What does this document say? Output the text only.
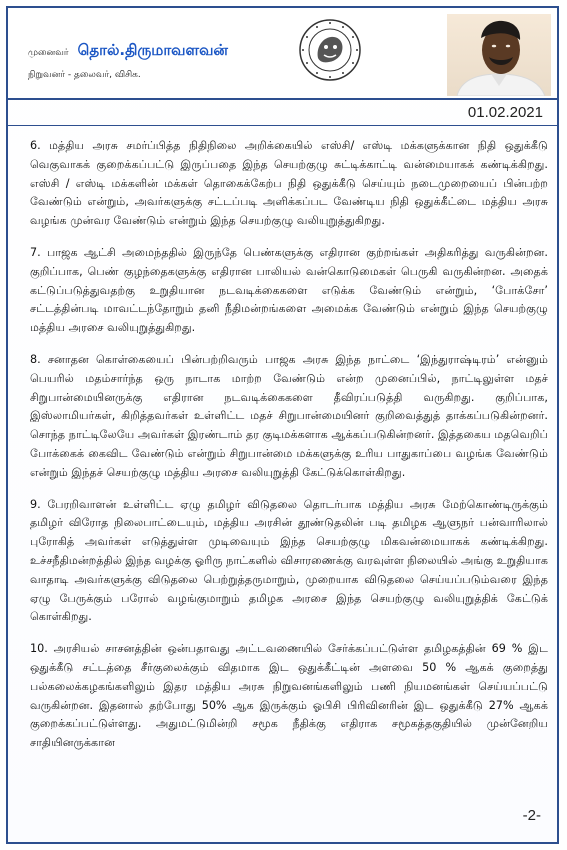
முனைவர் தொல்.திருமாவளவன்
நிறுவனர் - தலைவர், விசிக.
01.02.2021

6. மத்திய அரசு சமர்ப்பித்த நிதிநிலை அறிக்கையில் எஸ்சி/ எஸ்டி மக்களுக்கான நிதி ஒதுக்கீடு வெகுவாகக் குறைக்கப்பட்டு இருப்பதை இந்த செயற்குழு சுட்டிக்காட்டி வன்மையாகக் கண்டிக்கிறது. எஸ்சி / எஸ்டி மக்களின் மக்கள் தொகைக்கேற்ப நிதி ஒதுக்கீடு செய்யும் நடைமுறையைப் பின்பற்ற வேண்டும் என்றும், அவர்களுக்கு சட்டப்படி அளிக்கப்பட வேண்டிய நிதி ஒதுக்கீட்டை மத்திய அரசு வழங்க முன்வர வேண்டும் என்றும் இந்த செயற்குழு வலியுறுத்துகிறது.

7. பாஜக ஆட்சி அமைந்ததில் இருந்தே பெண்களுக்கு எதிரான குற்றங்கள் அதிகரித்து வருகின்றன. குறிப்பாக, பெண் குழந்தைகளுக்கு எதிரான பாலியல் வன்கொடுமைகள் பெருகி வருகின்றன. அதைக் கட்டுப்படுத்துவதற்கு உறுதியான நடவடிக்கைகளை எடுக்க வேண்டும் என்றும், ‘போக்சோ’ சட்டத்தின்படி மாவட்டந்தோறும் தனி நீதிமன்றங்களை அமைக்க வேண்டும் என்றும் இந்த செயற்குழு மத்திய அரசை வலியுறுத்துகிறது.

8. சனாதன கொள்கையைப் பின்பற்றிவரும் பாஜக அரசு இந்த நாட்டை ‘இந்துராஷ்டிரம்’ என்னும் பெயரில் மதம்சார்ந்த ஒரு நாடாக மாற்ற வேண்டும் என்ற முனைப்பில், நாட்டிலுள்ள மதச் சிறுபான்மையினருக்கு எதிரான நடவடிக்கைகளை தீவிரப்படுத்தி வருகிறது. குறிப்பாக, இஸ்லாமியர்கள், கிறித்தவர்கள் உள்ளிட்ட மதச் சிறுபான்மையினர் குறிவைத்துத் தாக்கப்படுகின்றனர். சொந்த நாட்டிலேயே அவர்கள் இரண்டாம் தர குடிமக்களாக ஆக்கப்படுகின்றனர். இத்தகைய மதவெறிப் போக்கைக் கைவிட வேண்டும் என்றும் சிறுபான்மை மக்களுக்கு உரிய பாதுகாப்பை வழங்க வேண்டும் என்றும் இந்தச் செயற்குழு மத்திய அரசை வலியுறுத்தி கேட்டுக்கொள்கிறது.

9. பேரறிவாளன் உள்ளிட்ட ஏழு தமிழர் விடுதலை தொடர்பாக மத்திய அரசு மேற்கொண்டிருக்கும் தமிழர் விரோத நிலைபாட்டையும், மத்திய அரசின் தூண்டுதலின் படி தமிழக ஆளுநர் பன்வாரிலால் புரோகித் அவர்கள் எடுத்துள்ள முடிவையும் இந்த செயற்குழு மிகவன்மையாகக் கண்டிக்கிறது. உச்சநீதிமன்றத்தில் இந்த வழக்கு ஓரிரு நாட்களில் விசாரணைக்கு வரவுள்ள நிலையில் அங்கு உறுதியாக வாதாடி அவர்களுக்கு விடுதலை பெற்றுத்தருமாறும், முறையாக விடுதலை செய்யப்படும்வரை இந்த ஏழு பேருக்கும் பரோல் வழங்குமாறும் தமிழக அரசை இந்த செயற்குழு வலியுறுத்திக் கேட்டுக் கொள்கிறது.

10. அரசியல் சாசனத்தின் ஒன்பதாவது அட்டவணையில் சேர்க்கப்பட்டுள்ள தமிழகத்தின் 69 % இட ஒதுக்கீடு சட்டத்தை சீர்குலைக்கும் விதமாக இட ஒதுக்கீட்டின் அளவை 50 % ஆகக் குறைத்து பல்கலைக்கழகங்களிலும் இதர மத்திய அரசு நிறுவனங்களிலும் பணி நியமனங்கள் செய்யப்பட்டு வருகின்றன. இதனால் தற்போது 50% ஆக இருக்கும் ஓபிசி பிரிவினரின் இட ஒதுக்கீடு 27% ஆகக் குறைக்கப்பட்டுள்ளது. அதுமட்டுமின்றி சமூக நீதிக்கு எதிராக சமூகத்தகுதியில் முன்னேறிய சாதியினருக்கான

-2-
